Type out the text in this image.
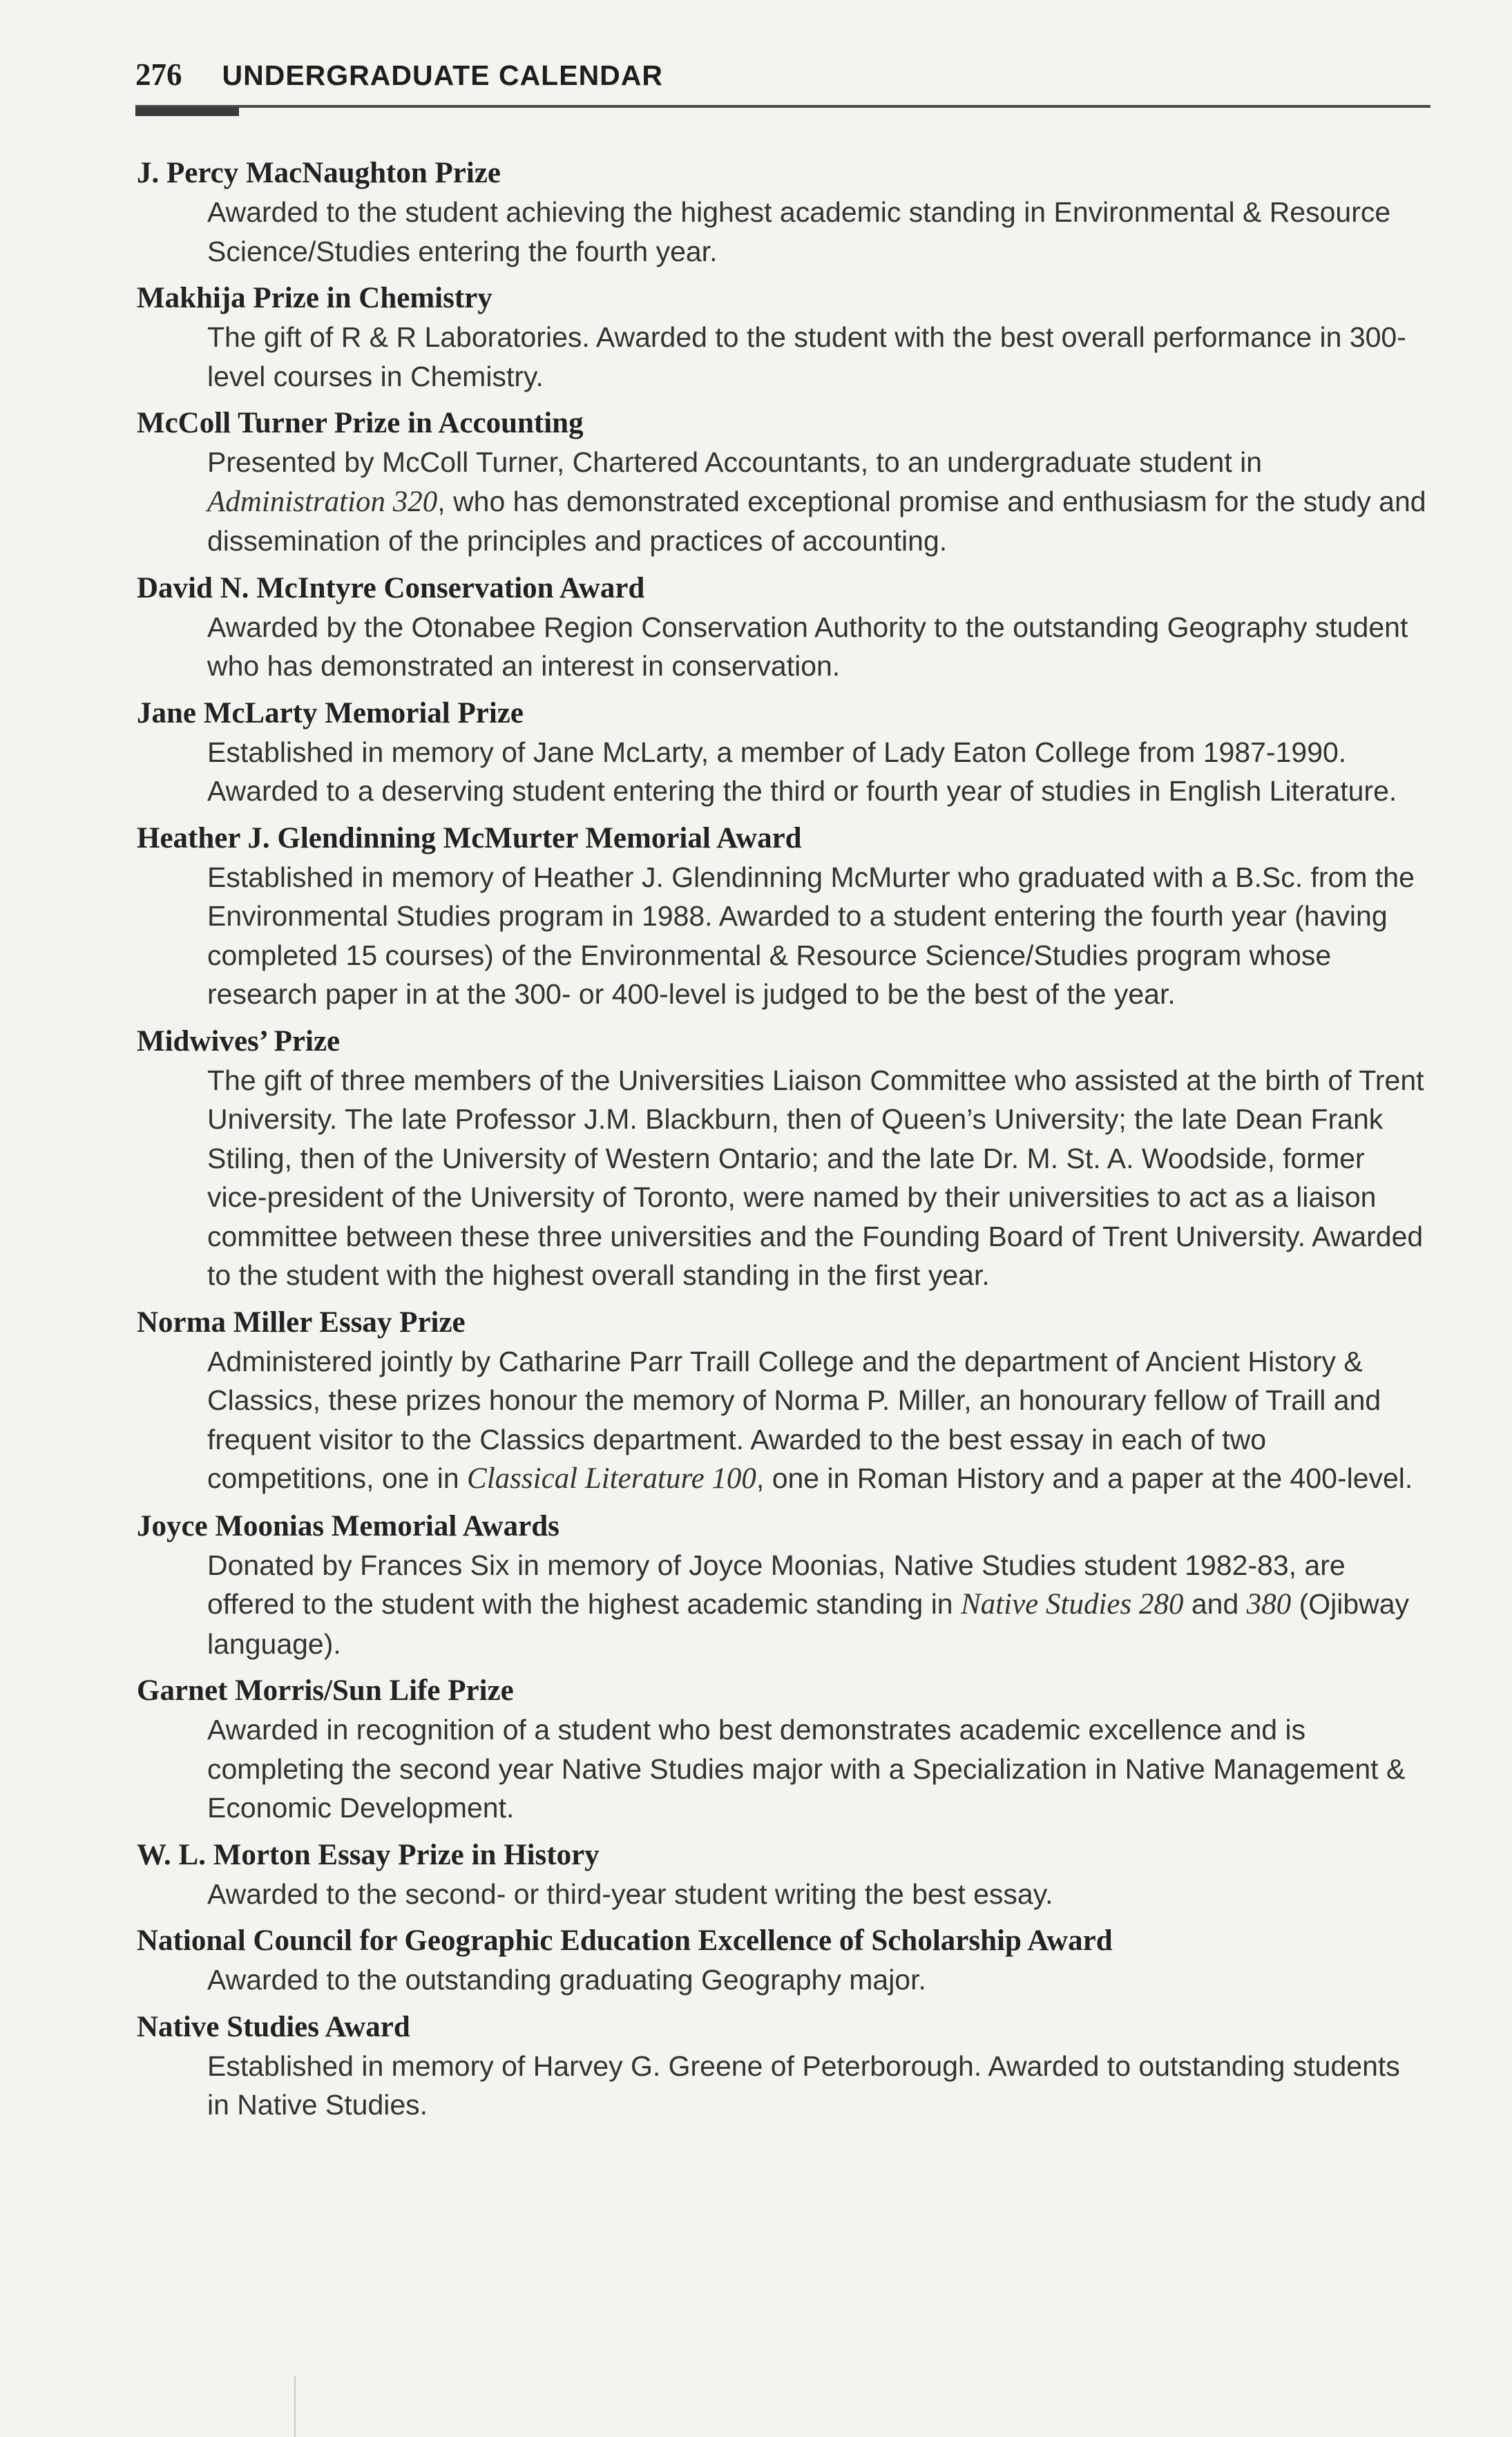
276 UNDERGRADUATE CALENDAR
J. Percy MacNaughton Prize
Awarded to the student achieving the highest academic standing in Environmental & Resource Science/Studies entering the fourth year.
Makhija Prize in Chemistry
The gift of R & R Laboratories. Awarded to the student with the best overall performance in 300-level courses in Chemistry.
McColl Turner Prize in Accounting
Presented by McColl Turner, Chartered Accountants, to an undergraduate student in Administration 320, who has demonstrated exceptional promise and enthusiasm for the study and dissemination of the principles and practices of accounting.
David N. McIntyre Conservation Award
Awarded by the Otonabee Region Conservation Authority to the outstanding Geography student who has demonstrated an interest in conservation.
Jane McLarty Memorial Prize
Established in memory of Jane McLarty, a member of Lady Eaton College from 1987-1990. Awarded to a deserving student entering the third or fourth year of studies in English Literature.
Heather J. Glendinning McMurter Memorial Award
Established in memory of Heather J. Glendinning McMurter who graduated with a B.Sc. from the Environmental Studies program in 1988. Awarded to a student entering the fourth year (having completed 15 courses) of the Environmental & Resource Science/Studies program whose research paper in at the 300- or 400-level is judged to be the best of the year.
Midwives’ Prize
The gift of three members of the Universities Liaison Committee who assisted at the birth of Trent University. The late Professor J.M. Blackburn, then of Queen’s University; the late Dean Frank Stiling, then of the University of Western Ontario; and the late Dr. M. St. A. Woodside, former vice-president of the University of Toronto, were named by their universities to act as a liaison committee between these three universities and the Founding Board of Trent University. Awarded to the student with the highest overall standing in the first year.
Norma Miller Essay Prize
Administered jointly by Catharine Parr Traill College and the department of Ancient History & Classics, these prizes honour the memory of Norma P. Miller, an honourary fellow of Traill and frequent visitor to the Classics department. Awarded to the best essay in each of two competitions, one in Classical Literature 100, one in Roman History and a paper at the 400-level.
Joyce Moonias Memorial Awards
Donated by Frances Six in memory of Joyce Moonias, Native Studies student 1982-83, are offered to the student with the highest academic standing in Native Studies 280 and 380 (Ojibway language).
Garnet Morris/Sun Life Prize
Awarded in recognition of a student who best demonstrates academic excellence and is completing the second year Native Studies major with a Specialization in Native Management & Economic Development.
W. L. Morton Essay Prize in History
Awarded to the second- or third-year student writing the best essay.
National Council for Geographic Education Excellence of Scholarship Award
Awarded to the outstanding graduating Geography major.
Native Studies Award
Established in memory of Harvey G. Greene of Peterborough. Awarded to outstanding students in Native Studies.
